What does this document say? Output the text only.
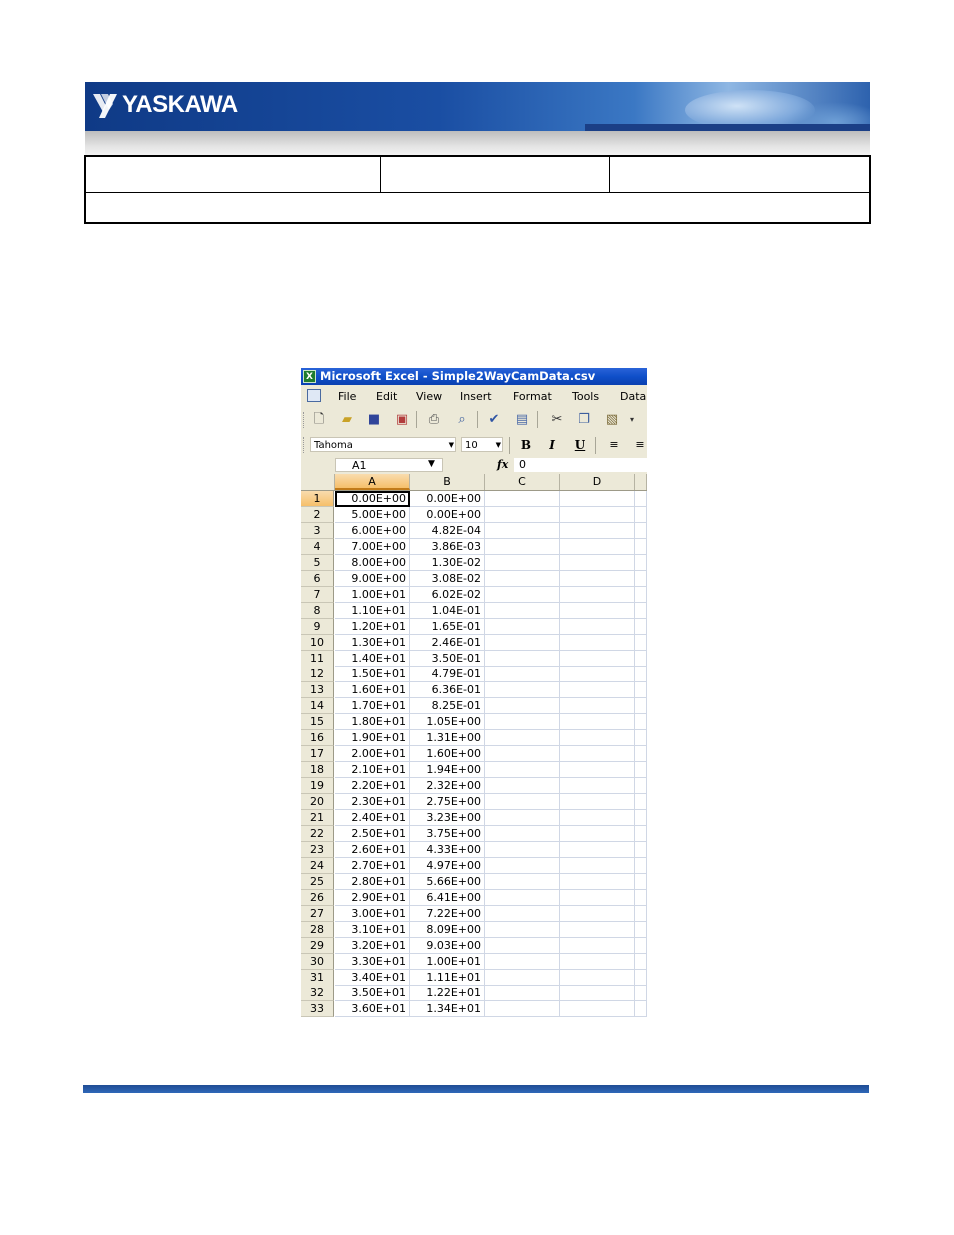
YASKAWA
X Microsoft Excel - Simple2WayCamData.csv
File Edit View Insert Format Tools Data
🗋	▰	■ ▣ ⎙	⌕	✔ ▤ ✂ ❐ ▧	▾
Tahoma	▼	10	▼	B	I	U	≡	≡
A1	▼	fx 0
A	B	C	D
1	0.00E+00	0.00E+00
2	5.00E+00	0.00E+00
3	6.00E+00	4.82E-04
4	7.00E+00	3.86E-03
5	8.00E+00	1.30E-02
6	9.00E+00	3.08E-02
7	1.00E+01	6.02E-02
8	1.10E+01	1.04E-01
9	1.20E+01	1.65E-01
10	1.30E+01	2.46E-01
11	1.40E+01	3.50E-01
12	1.50E+01	4.79E-01
13	1.60E+01	6.36E-01
14	1.70E+01	8.25E-01
15	1.80E+01	1.05E+00
16	1.90E+01	1.31E+00
17	2.00E+01	1.60E+00
18	2.10E+01	1.94E+00
19	2.20E+01	2.32E+00
20	2.30E+01	2.75E+00
21	2.40E+01	3.23E+00
22	2.50E+01	3.75E+00
23	2.60E+01	4.33E+00
24	2.70E+01	4.97E+00
25	2.80E+01	5.66E+00
26	2.90E+01	6.41E+00
27	3.00E+01	7.22E+00
28	3.10E+01	8.09E+00
29	3.20E+01	9.03E+00
30	3.30E+01	1.00E+01
31	3.40E+01	1.11E+01
32	3.50E+01	1.22E+01
33	3.60E+01	1.34E+01
